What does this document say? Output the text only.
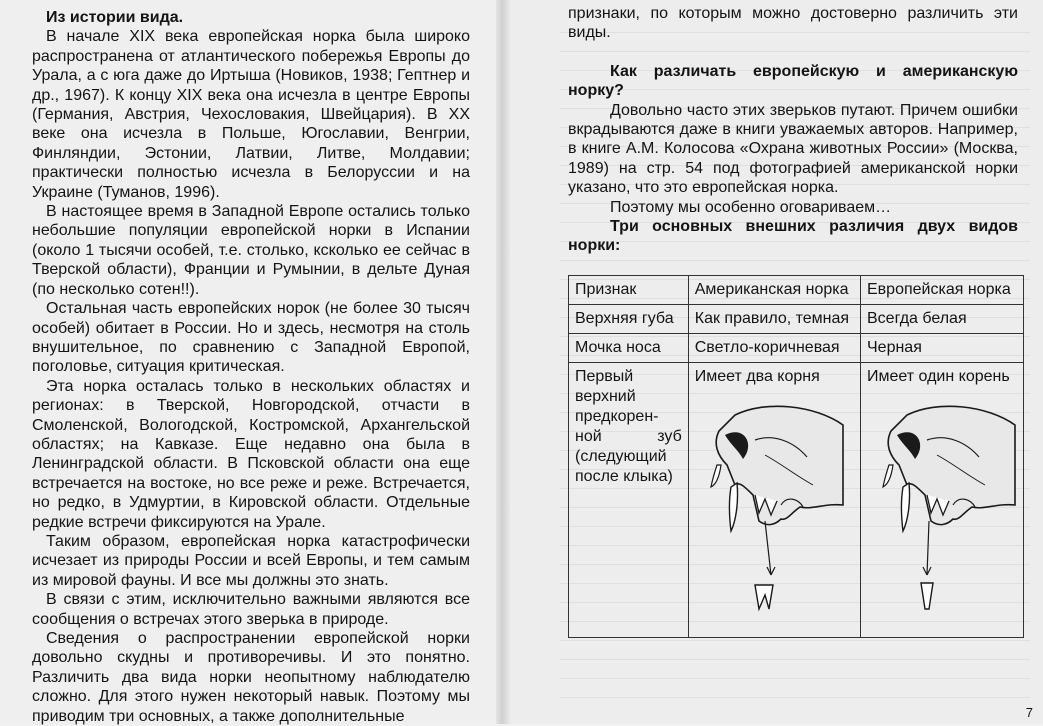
Из истории вида.

В начале XIX века европейская норка была широко распространена от атлантического побережья Европы до Урала, а с юга даже до Иртыша (Новиков, 1938; Гептнер и др., 1967). К концу XIX века она исчезла в центре Европы (Германия, Австрия, Чехословакия, Швейцария). В XX веке она исчезла в Польше, Югославии, Венгрии, Финляндии, Эстонии, Латвии, Литве, Молдавии; практически полностью исчезла в Белоруссии и на Украине (Туманов, 1996).

В настоящее время в Западной Европе остались только небольшие популяции европейской норки в Испании (около 1 тысячи особей, т.е. столько, ксколько ее сейчас в Тверской области), Франции и Румынии, в дельте Дуная (по несколько сотен!!).

Остальная часть европейских норок (не более 30 тысяч особей) обитает в России. Но и здесь, несмотря на столь внушительное, по сравнению с Западной Европой, поголовье, ситуация критическая.

Эта норка осталась только в нескольких областях и регионах: в Тверской, Новгородской, отчасти в Смоленской, Вологодской, Костромской, Архангельской областях; на Кавказе. Еще недавно она была в Ленинградской области. В Псковской области она еще встречается на востоке, но все реже и реже. Встречается, но редко, в Удмуртии, в Кировской области. Отдельные редкие встречи фиксируются на Урале.

Таким образом, европейская норка катастрофически исчезает из природы России и всей Европы, и тем самым из мировой фауны. И все мы должны это знать.

В связи с этим, исключительно важными являются все сообщения о встречах этого зверька в природе.

Сведения о распространении европейской норки довольно скудны и противоречивы. И это понятно. Различить два вида норки неопытному наблюдателю сложно. Для этого нужен некоторый навык. Поэтому мы приводим три основных, а также дополнительные

признаки, по которым можно достоверно различить эти виды.

Как различать европейскую и американскую норку?

Довольно часто этих зверьков путают. Причем ошибки вкрадываются даже в книги уважаемых авторов. Например, в книге А.М. Колосова «Охрана животных России» (Москва, 1989) на стр. 54 под фотографией американской норки указано, что это европейская норка.

Поэтому мы особенно оговариваем…

Три основных внешних различия двух видов норки:
Признак	Американская норка	Европейская норка
Верхняя губа	Как правило, темная	Всегда белая
Мочка носа	Светло-коричневая	Черная
Первый верхний предкорен-ной зуб (следующий после клыка)	Имеет два корня	Имеет один корень
7
